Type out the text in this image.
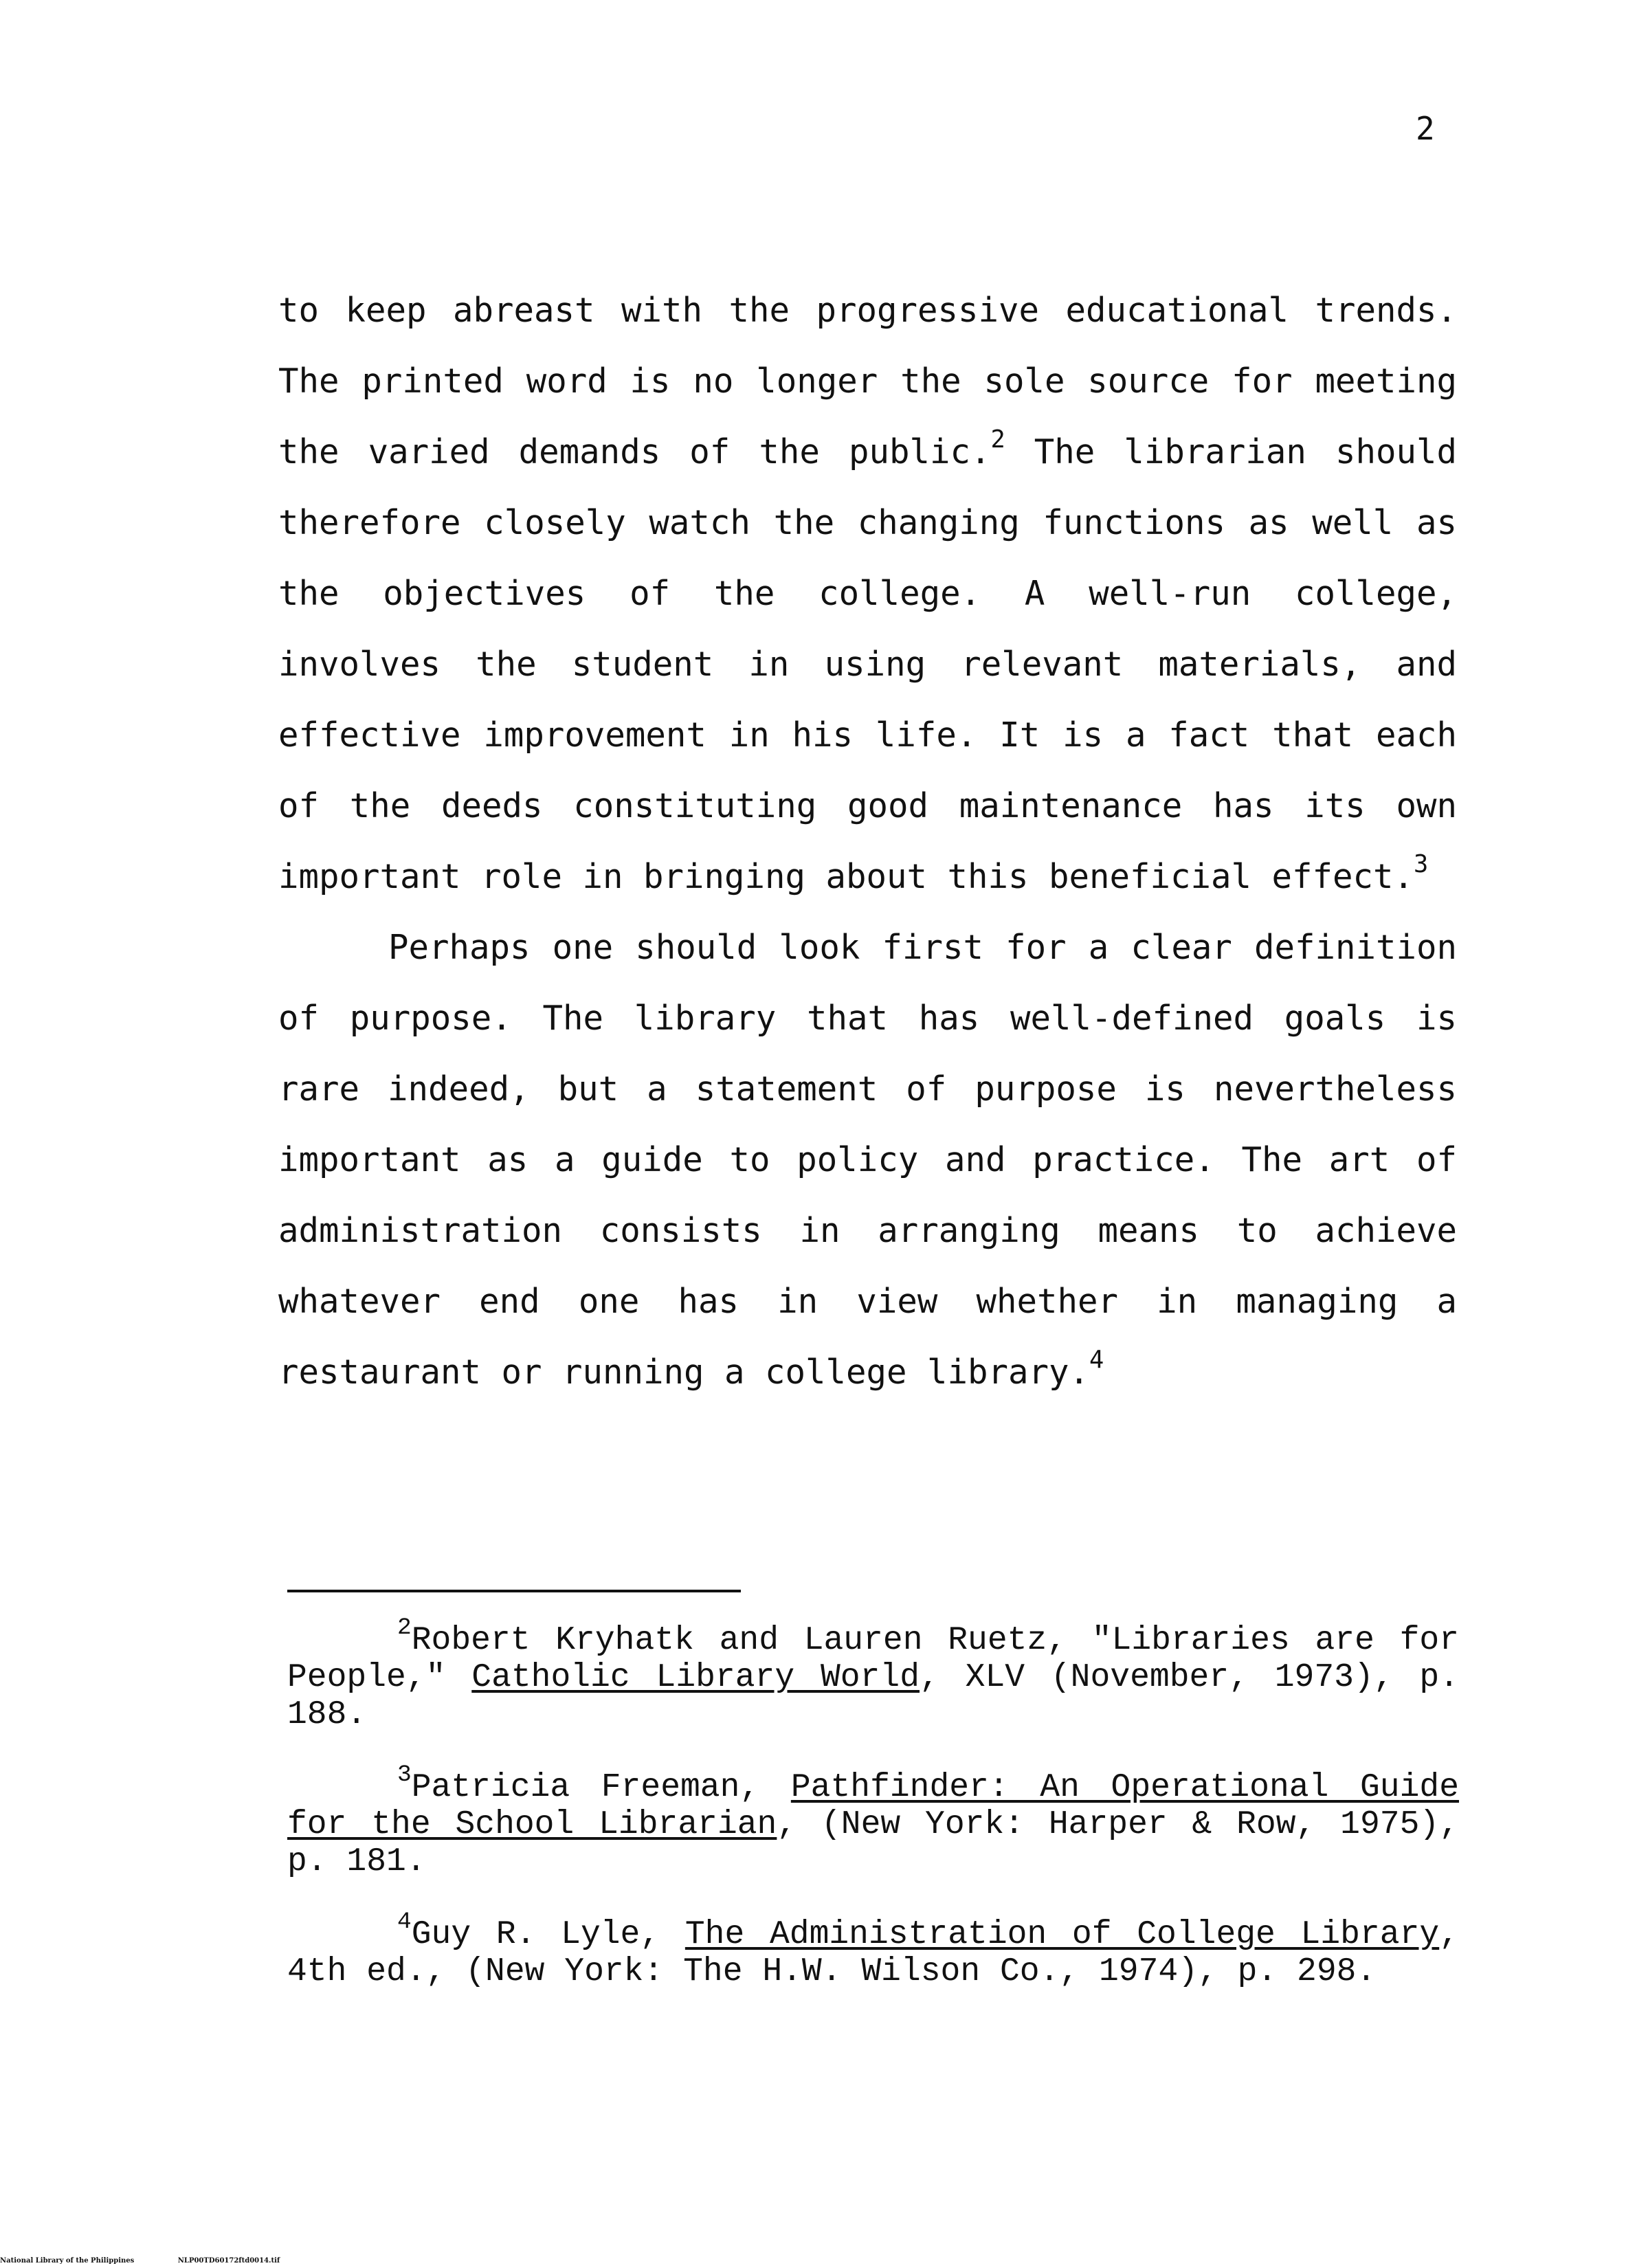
2

to keep abreast with the progressive educational trends. The printed word is no longer the sole source for meeting the varied demands of the public.$^2$ The librarian should therefore closely watch the changing functions as well as the objectives of the college. A well-run college, involves the student in using relevant materials, and effective improvement in his life. It is a fact that each of the deeds constituting good maintenance has its own important role in bringing about this beneficial effect.$^3$

Perhaps one should look first for a clear definition of purpose. The library that has well-defined goals is rare indeed, but a statement of purpose is nevertheless important as a guide to policy and practice. The art of administration consists in arranging means to achieve whatever end one has in view whether in managing a restaurant or running a college library.$^4$

$^2$Robert Kryhatk and Lauren Ruetz, "Libraries are for People," Catholic Library World, XLV (November, 1973), p. 188.

$^3$Patricia Freeman, Pathfinder: An Operational Guide for the School Librarian, (New York: Harper & Row, 1975), p. 181.

$^4$Guy R. Lyle, The Administration of College Library, 4th ed., (New York: The H.W. Wilson Co., 1974), p. 298.

National Library of the Philippines	NLP00TD60172ftd0014.tif
